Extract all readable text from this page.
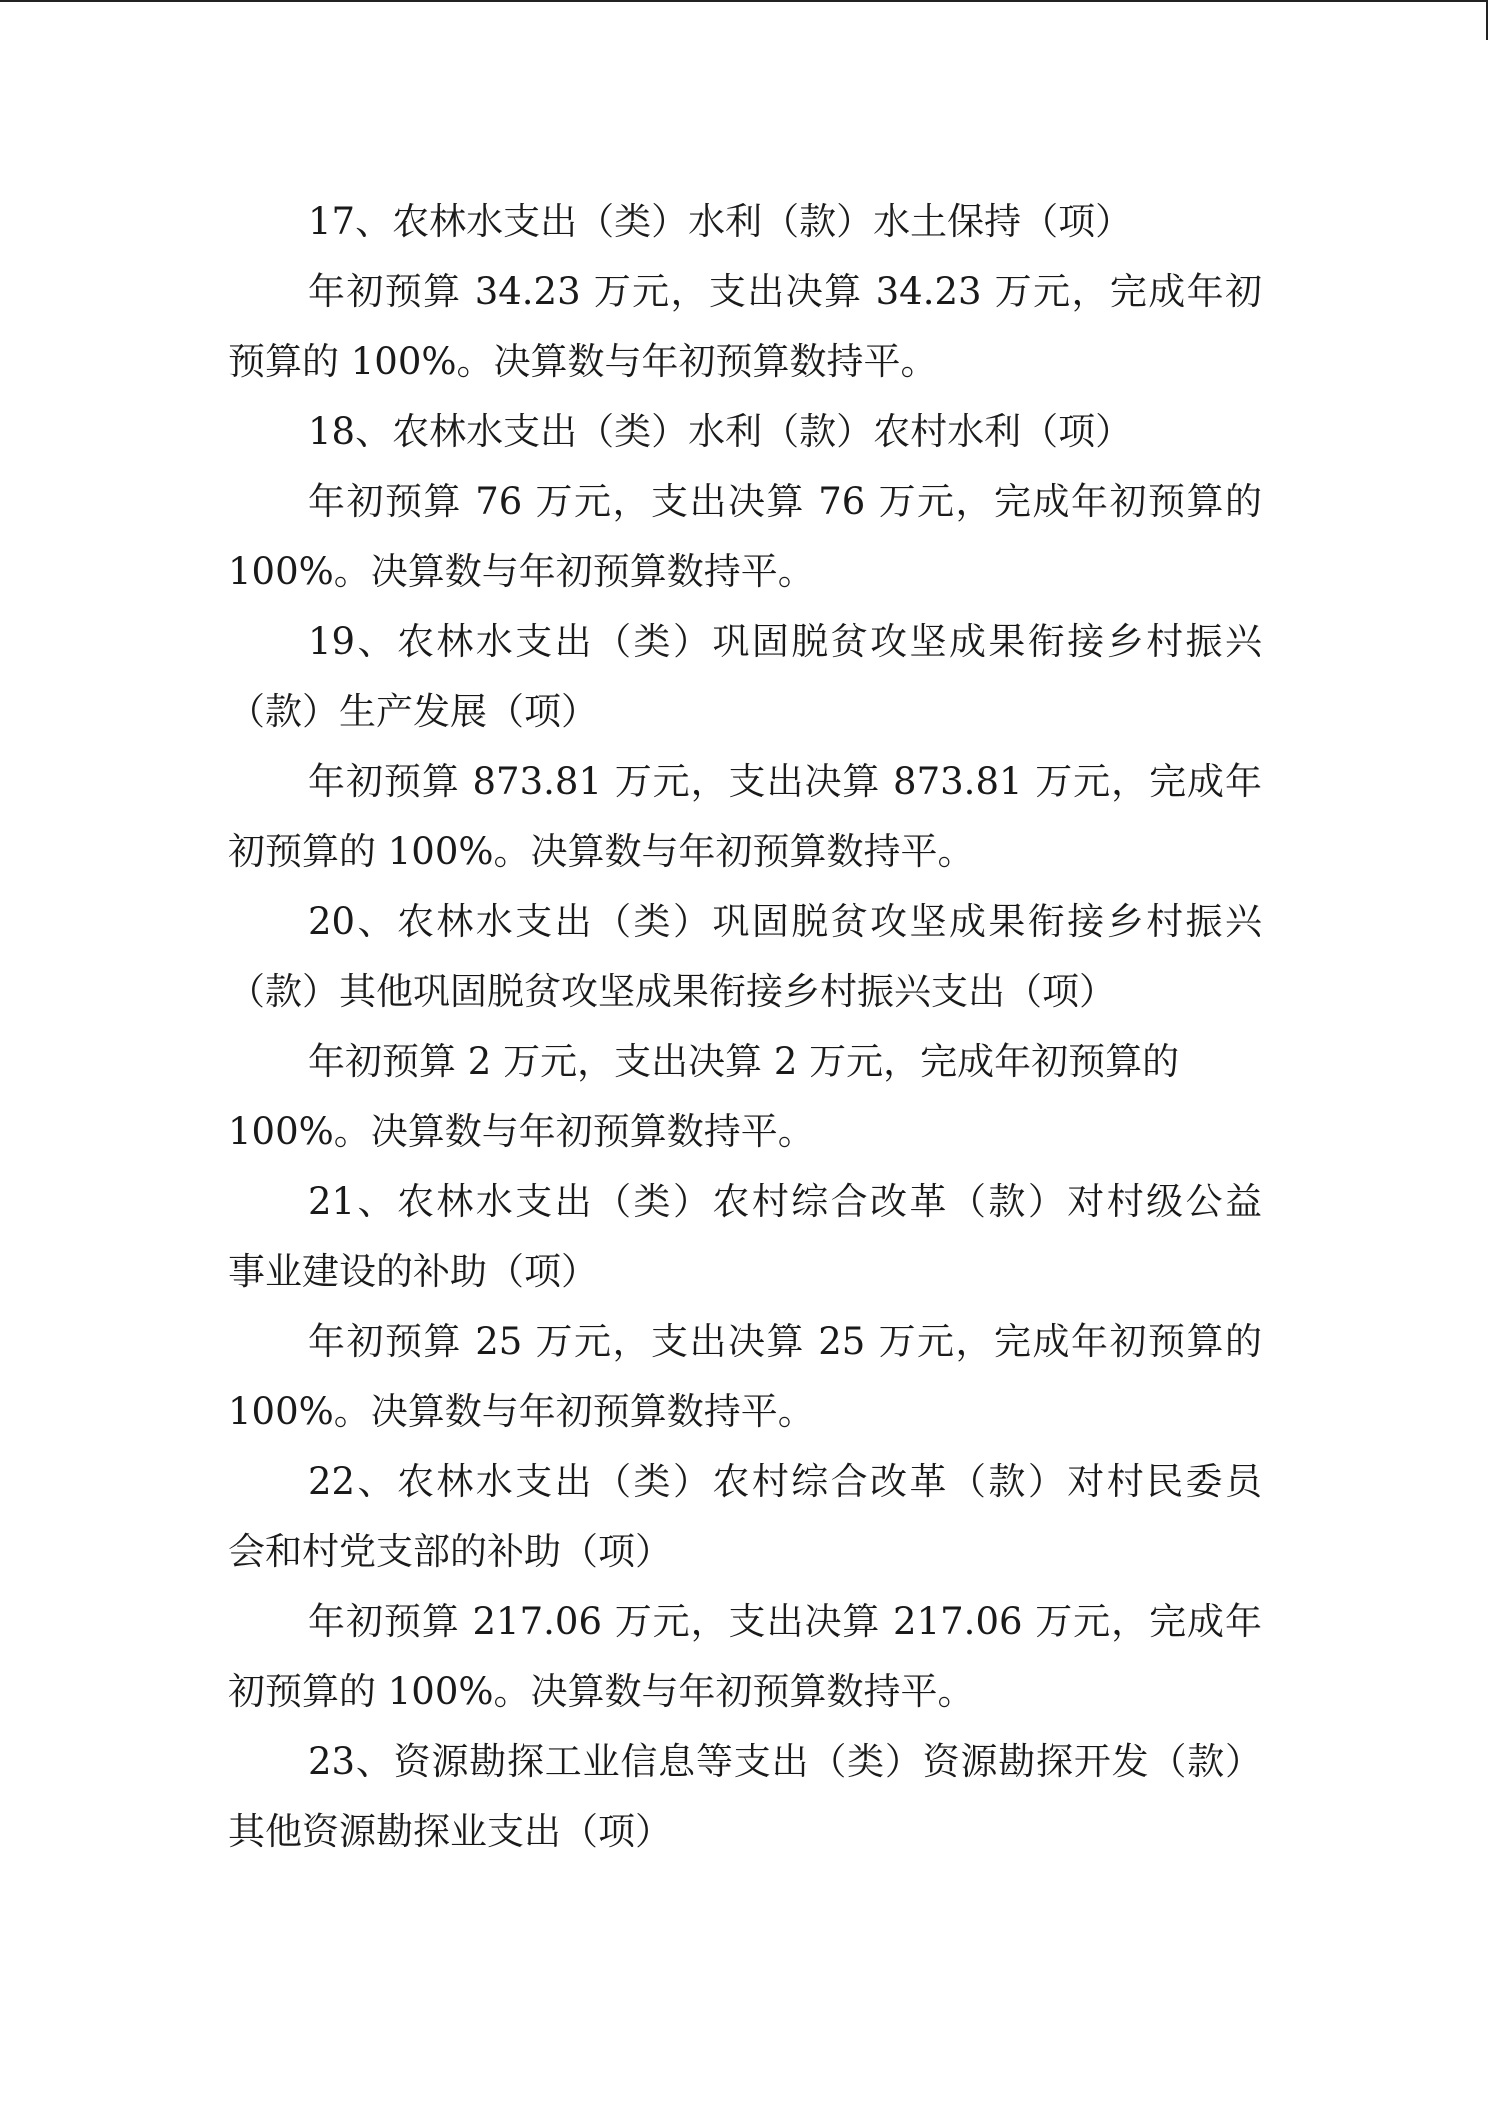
17、农林水支出（类）水利（款）水土保持（项）
年初预算 34.23 万元，支出决算 34.23 万元，完成年初
预算的 100%。决算数与年初预算数持平。
18、农林水支出（类）水利（款）农村水利（项）
年初预算 76 万元，支出决算 76 万元，完成年初预算的
100%。决算数与年初预算数持平。
19、农林水支出（类）巩固脱贫攻坚成果衔接乡村振兴
（款）生产发展（项）
年初预算 873.81 万元，支出决算 873.81 万元，完成年
初预算的 100%。决算数与年初预算数持平。
20、农林水支出（类）巩固脱贫攻坚成果衔接乡村振兴
（款）其他巩固脱贫攻坚成果衔接乡村振兴支出（项）
年初预算 2 万元，支出决算 2 万元，完成年初预算的
100%。决算数与年初预算数持平。
21、农林水支出（类）农村综合改革（款）对村级公益
事业建设的补助（项）
年初预算 25 万元，支出决算 25 万元，完成年初预算的
100%。决算数与年初预算数持平。
22、农林水支出（类）农村综合改革（款）对村民委员
会和村党支部的补助（项）
年初预算 217.06 万元，支出决算 217.06 万元，完成年
初预算的 100%。决算数与年初预算数持平。
23、资源勘探工业信息等支出（类）资源勘探开发（款）
其他资源勘探业支出（项）
